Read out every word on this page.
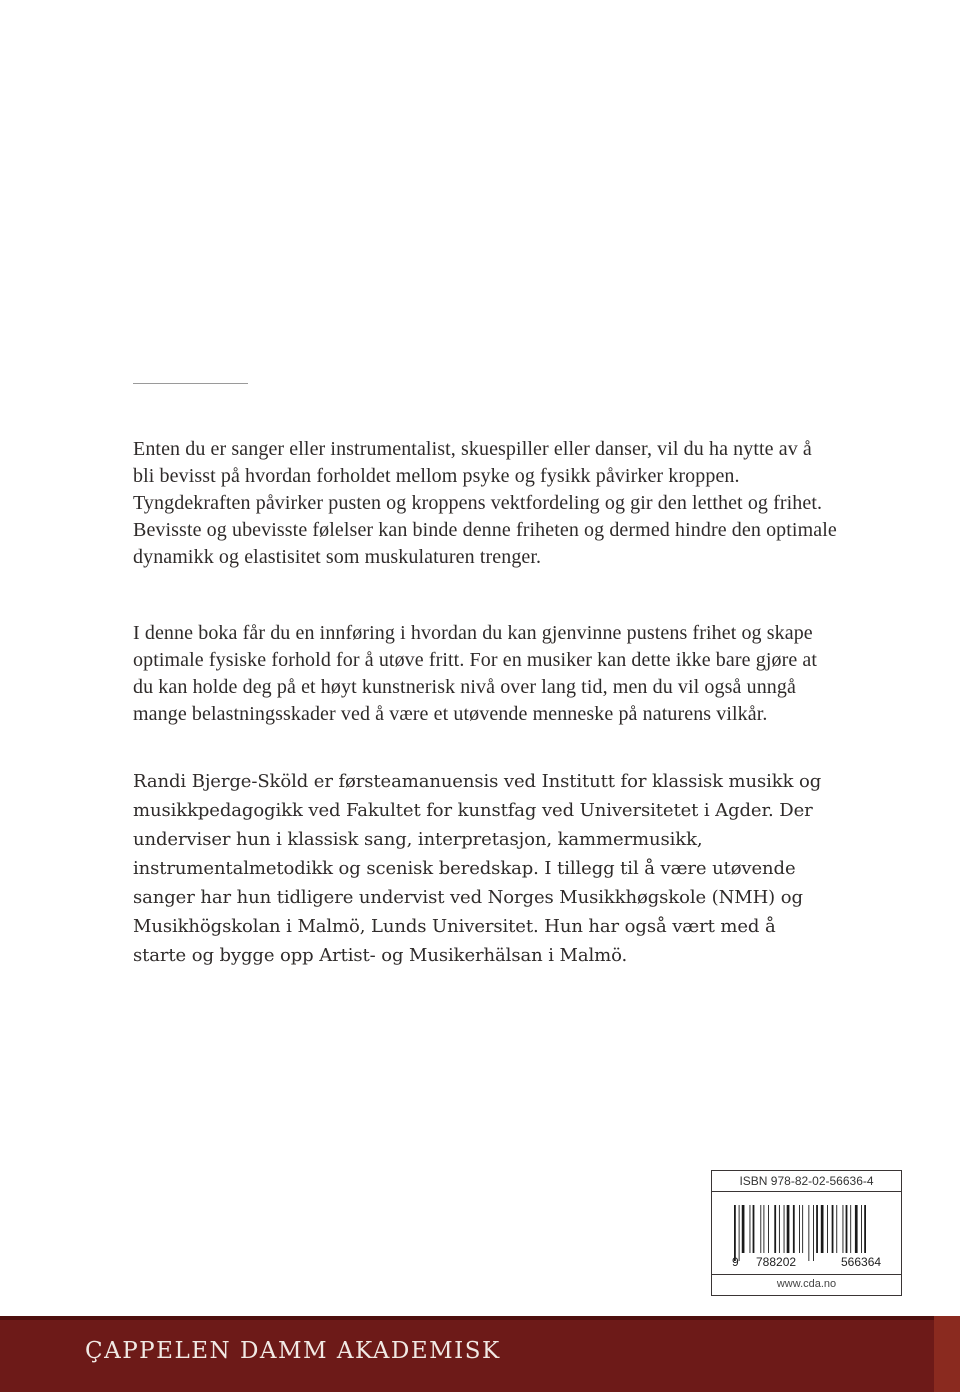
Enten du er sanger eller instrumentalist, skuespiller eller danser, vil du ha nytte av å bli bevisst på hvordan forholdet mellom psyke og fysikk påvirker kroppen. Tyngdekraften påvirker pusten og kroppens vektfordeling og gir den letthet og frihet. Bevisste og ubevisste følelser kan binde denne friheten og dermed hindre den optimale dynamikk og elastisitet som muskulaturen trenger.

I denne boka får du en innføring i hvordan du kan gjenvinne pustens frihet og skape optimale fysiske forhold for å utøve fritt. For en musiker kan dette ikke bare gjøre at du kan holde deg på et høyt kunstnerisk nivå over lang tid, men du vil også unngå mange belastningsskader ved å være et utøvende menneske på naturens vilkår.

Randi Bjerge-Sköld er førsteamanuensis ved Institutt for klassisk musikk og musikkpedagogikk ved Fakultet for kunstfag ved Universitetet i Agder. Der underviser hun i klassisk sang, interpretasjon, kammermusikk, instrumentalmetodikk og scenisk beredskap. I tillegg til å være utøvende sanger har hun tidligere undervist ved Norges Musikkhøgskole (NMH) og Musikhögskolan i Malmö, Lunds Universitet. Hun har også vært med å starte og bygge opp Artist- og Musikerhälsan i Malmö.

ISBN 978-82-02-56636-4
9 788202	566364
www.cda.no
ÇAPPELEN DAMM AKADEMISK
